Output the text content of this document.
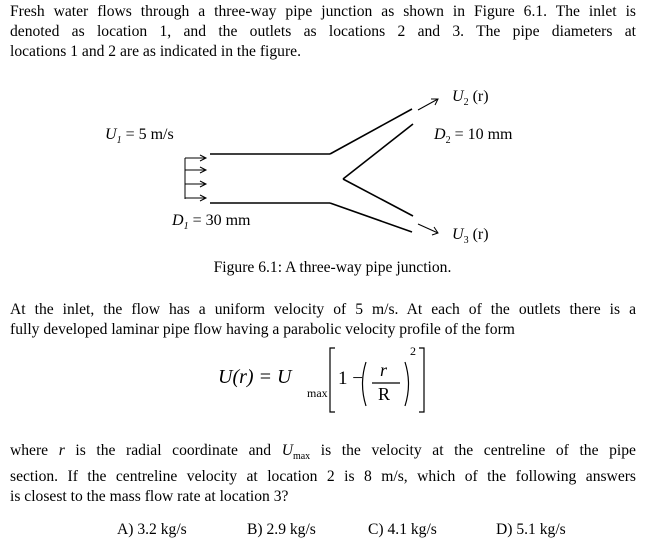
Fresh water flows through a three-way pipe junction as shown in Figure 6.1. The inlet is
denoted as location 1, and the outlets as locations 2 and 3. The pipe diameters at
locations 1 and 2 are as indicated in the figure.
$U_1 = 5$ m/s
$D_1 = 30$ mm
$U_2$ (r)
$D_2 = 10$ mm
$U_3$ (r)
Figure 6.1: A three-way pipe junction.
At the inlet, the flow has a uniform velocity of 5 m/s. At each of the outlets there is a
fully developed laminar pipe flow having a parabolic velocity profile of the form
U(r) = U
max
1 − r
R
2
where r is the radial coordinate and $U_{max}$ is the velocity at the centreline of the pipe
section. If the centreline velocity at location 2 is 8 m/s, which of the following answers
is closest to the mass flow rate at location 3?
A) 3.2 kg/s	B) 2.9 kg/s	C) 4.1 kg/s	D) 5.1 kg/s
